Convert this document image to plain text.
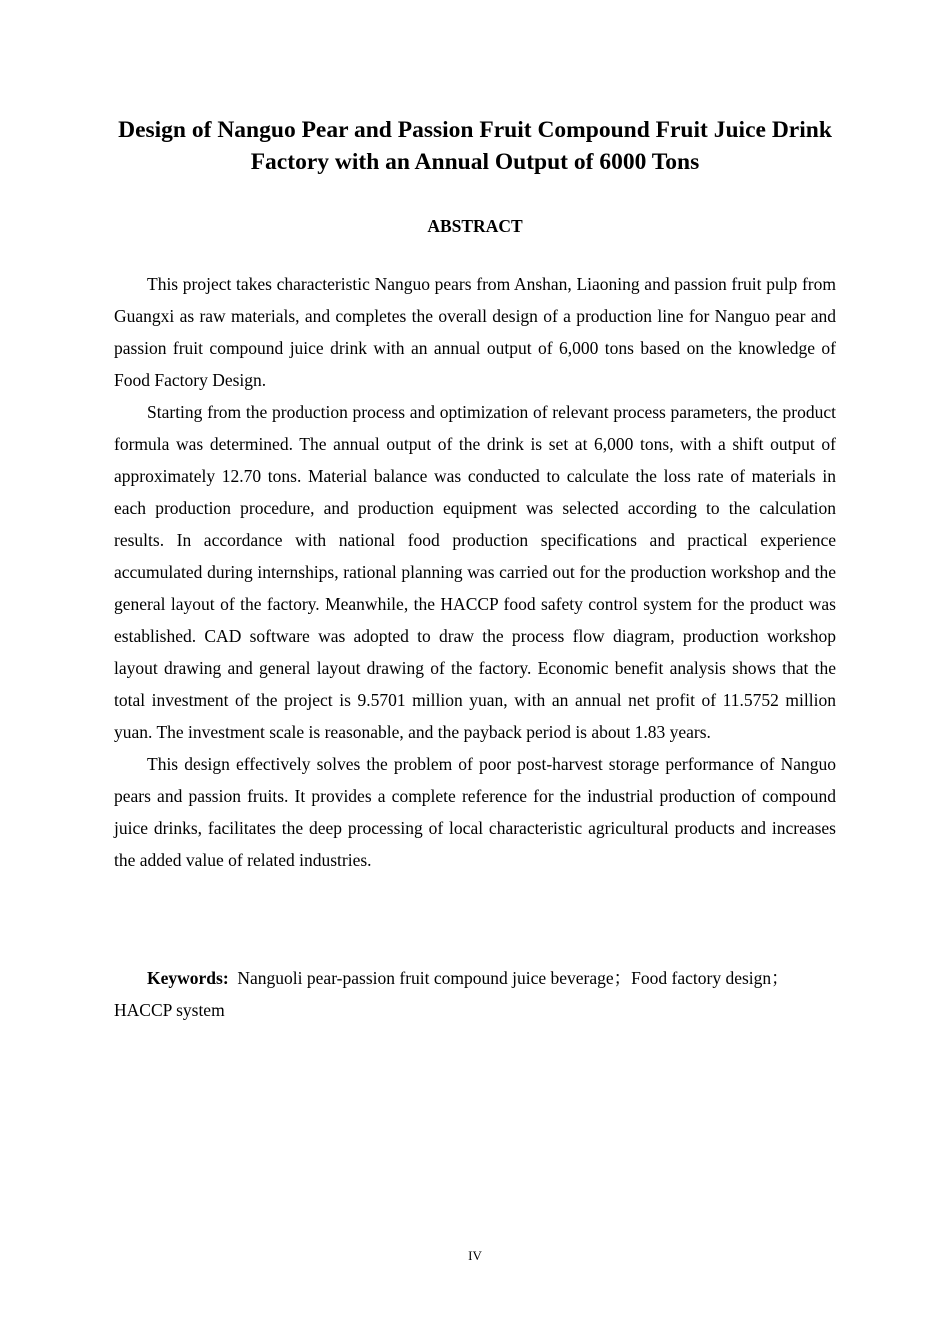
Design of Nanguo Pear and Passion Fruit Compound Fruit Juice Drink Factory with an Annual Output of 6000 Tons
ABSTRACT

This project takes characteristic Nanguo pears from Anshan, Liaoning and passion fruit pulp from Guangxi as raw materials, and completes the overall design of a production line for Nanguo pear and passion fruit compound juice drink with an annual output of 6,000 tons based on the knowledge of Food Factory Design.

Starting from the production process and optimization of relevant process parameters, the product formula was determined. The annual output of the drink is set at 6,000 tons, with a shift output of approximately 12.70 tons. Material balance was conducted to calculate the loss rate of materials in each production procedure, and production equipment was selected according to the calculation results. In accordance with national food production specifications and practical experience accumulated during internships, rational planning was carried out for the production workshop and the general layout of the factory. Meanwhile, the HACCP food safety control system for the product was established. CAD software was adopted to draw the process flow diagram, production workshop layout drawing and general layout drawing of the factory. Economic benefit analysis shows that the total investment of the project is 9.5701 million yuan, with an annual net profit of 11.5752 million yuan. The investment scale is reasonable, and the payback period is about 1.83 years.

This design effectively solves the problem of poor post-harvest storage performance of Nanguo pears and passion fruits. It provides a complete reference for the industrial production of compound juice drinks, facilitates the deep processing of local characteristic agricultural products and increases the added value of related industries.

Keywords: Nanguoli pear-passion fruit compound juice beverage；Food factory design；HACCP system

IV
